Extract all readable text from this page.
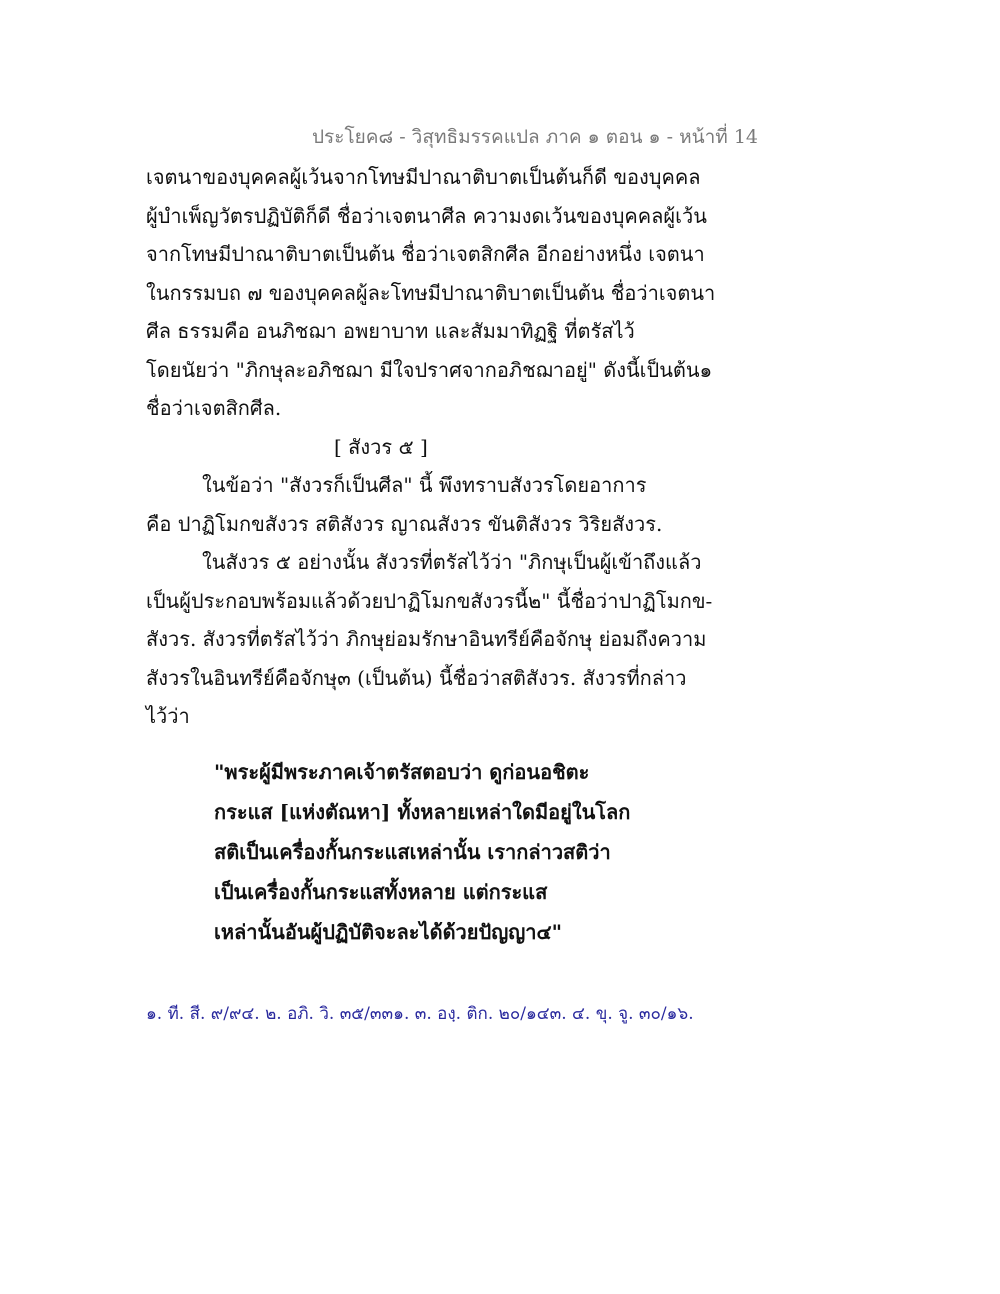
ประโยค๘ - วิสุทธิมรรคแปล ภาค ๑ ตอน ๑ - หน้าที่ 14
เจตนาของบุคคลผู้เว้นจากโทษมีปาณาติบาตเป็นต้นก็ดี ของบุคคล
ผู้บำเพ็ญวัตรปฏิบัติก็ดี ชื่อว่าเจตนาศีล ความงดเว้นของบุคคลผู้เว้น
จากโทษมีปาณาติบาตเป็นต้น ชื่อว่าเจตสิกศีล อีกอย่างหนึ่ง เจตนา
ในกรรมบถ ๗ ของบุคคลผู้ละโทษมีปาณาติบาตเป็นต้น ชื่อว่าเจตนา
ศีล ธรรมคือ อนภิชฌา อพยาบาท และสัมมาทิฏฐิ ที่ตรัสไว้
โดยนัยว่า "ภิกษุละอภิชฌา มีใจปราศจากอภิชฌาอยู่" ดังนี้เป็นต้น๑
ชื่อว่าเจตสิกศีล.
[ สังวร ๕ ]
ในข้อว่า "สังวรก็เป็นศีล" นี้ พึงทราบสังวรโดยอาการ
คือ ปาฏิโมกขสังวร สติสังวร ญาณสังวร ขันติสังวร วิริยสังวร.
ในสังวร ๕ อย่างนั้น สังวรที่ตรัสไว้ว่า "ภิกษุเป็นผู้เข้าถึงแล้ว
เป็นผู้ประกอบพร้อมแล้วด้วยปาฏิโมกขสังวรนี้๒" นี้ชื่อว่าปาฏิโมกข-
สังวร. สังวรที่ตรัสไว้ว่า ภิกษุย่อมรักษาอินทรีย์คือจักษุ ย่อมถึงความ
สังวรในอินทรีย์คือจักษุ๓ (เป็นต้น) นี้ชื่อว่าสติสังวร. สังวรที่กล่าว
ไว้ว่า
"พระผู้มีพระภาคเจ้าตรัสตอบว่า ดูก่อนอชิตะ
กระแส [แห่งตัณหา] ทั้งหลายเหล่าใดมีอยู่ในโลก
สติเป็นเครื่องกั้นกระแสเหล่านั้น เรากล่าวสติว่า
เป็นเครื่องกั้นกระแสทั้งหลาย แต่กระแส
เหล่านั้นอันผู้ปฏิบัติจะละได้ด้วยปัญญา๔"
๑. ที. สี. ๙/๙๔. ๒. อภิ. วิ. ๓๕/๓๓๑. ๓. องฺ. ติก. ๒๐/๑๔๓. ๔. ขุ. จู. ๓๐/๑๖.
